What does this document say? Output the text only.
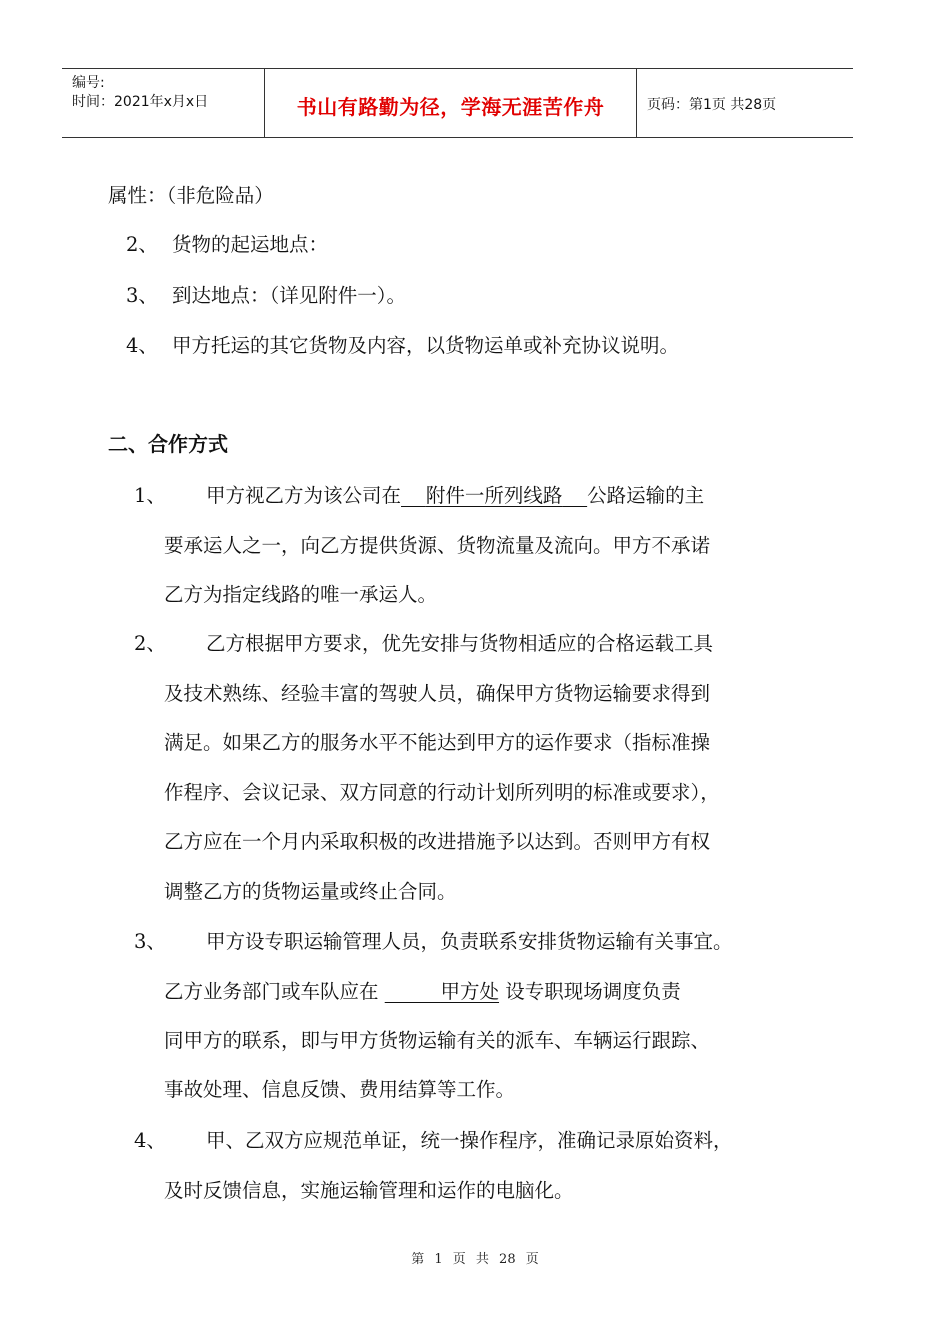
编号:
时间：2021年x月x日	书山有路勤为径，学海无涯苦作舟	页码：第1页 共28页
属性：（非危险品）
2、 货物的起运地点：
3、 到达地点：（详见附件一）。
4、 甲方托运的其它货物及内容，以货物运单或补充协议说明。
二、合作方式
1、 甲方视乙方为该公司在 附件一所列线路 公路运输的主
要承运人之一，向乙方提供货源、货物流量及流向。甲方不承诺
乙方为指定线路的唯一承运人。
2、 乙方根据甲方要求，优先安排与货物相适应的合格运载工具
及技术熟练、经验丰富的驾驶人员，确保甲方货物运输要求得到
满足。如果乙方的服务水平不能达到甲方的运作要求（指标准操
作程序、会议记录、双方同意的行动计划所列明的标准或要求），
乙方应在一个月内采取积极的改进措施予以达到。否则甲方有权
调整乙方的货物运量或终止合同。
3、 甲方设专职运输管理人员，负责联系安排货物运输有关事宜。
乙方业务部门或车队应在	甲方处 设专职现场调度负责
同甲方的联系，即与甲方货物运输有关的派车、车辆运行跟踪、
事故处理、信息反馈、费用结算等工作。
4、 甲、乙双方应规范单证，统一操作程序，准确记录原始资料，
及时反馈信息，实施运输管理和运作的电脑化。
第 1 页 共 28 页
